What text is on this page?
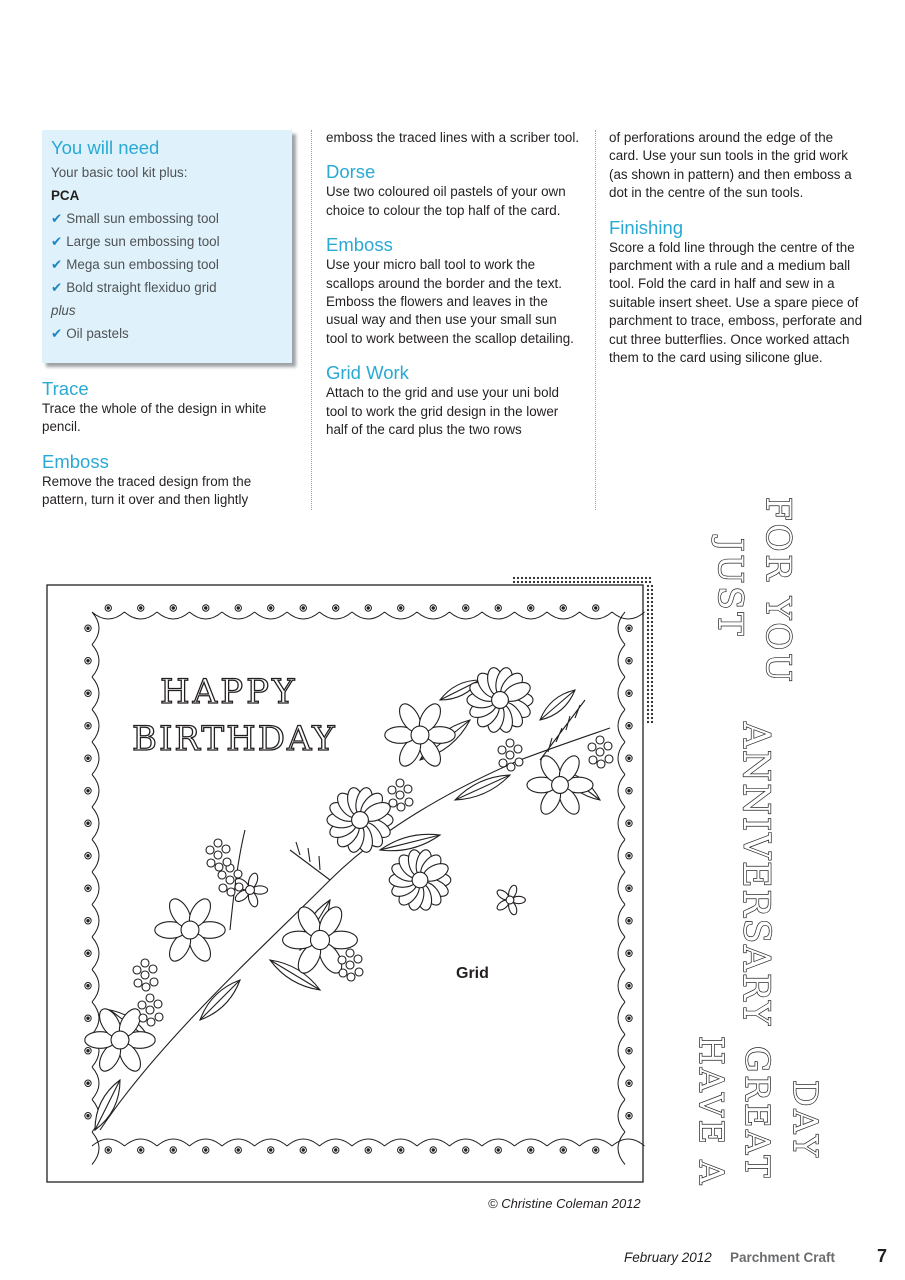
You will need
Your basic tool kit plus:
PCA
✔ Small sun embossing tool
✔ Large sun embossing tool
✔ Mega sun embossing tool
✔ Bold straight flexiduo grid
plus
✔ Oil pastels
Trace

Trace the whole of the design in white pencil.

Emboss

Remove the traced design from the pattern, turn it over and then lightly

emboss the traced lines with a scriber tool.

Dorse

Use two coloured oil pastels of your own choice to colour the top half of the card.

Emboss

Use your micro ball tool to work the scallops around the border and the text. Emboss the flowers and leaves in the usual way and then use your small sun tool to work between the scallop detailing.

Grid Work

Attach to the grid and use your uni bold tool to work the grid design in the lower half of the card plus the two rows

of perforations around the edge of the card. Use your sun tools in the grid work (as shown in pattern) and then emboss a dot in the centre of the sun tools.

Finishing

Score a fold line through the centre of the parchment with a rule and a medium ball tool. Fold the card in half and sew in a suitable insert sheet. Use a spare piece of parchment to trace, emboss, perforate and cut three butterflies. Once worked attach them to the card using silicone glue.

HAPPY
BIRTHDAY
Grid
FOR YOU
JUST
ANNIVERSARY
DAY
GREAT
HAVE A
© Christine Coleman 2012
February 2012 Parchment Craft 7
